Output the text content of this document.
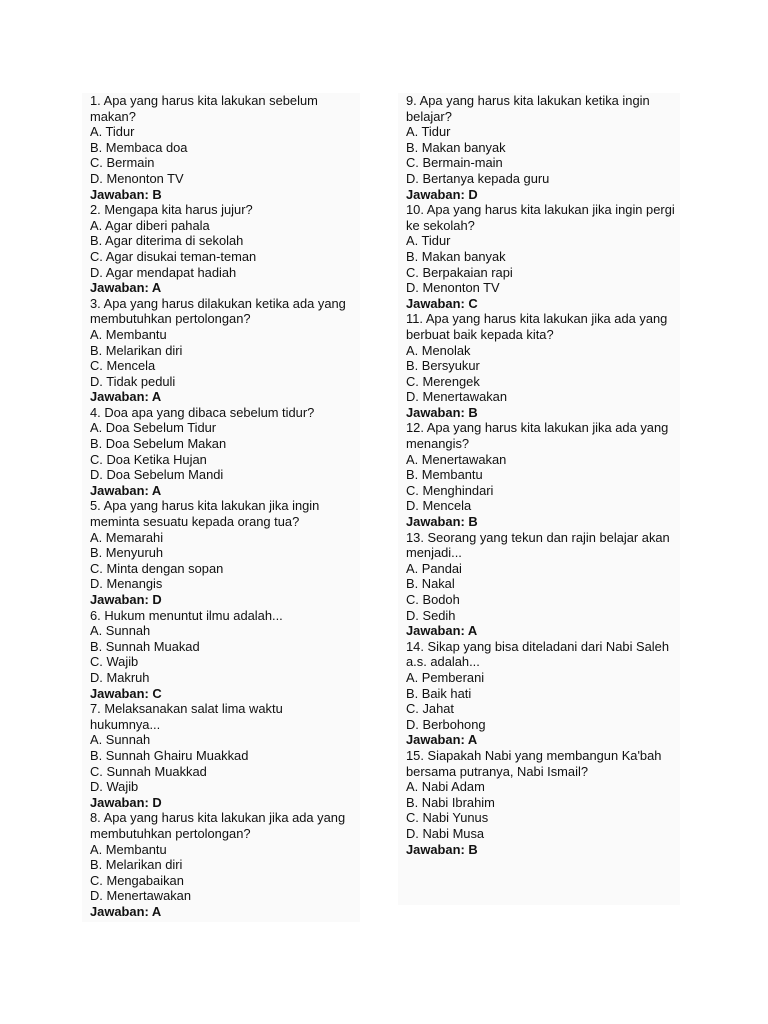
1. Apa yang harus kita lakukan sebelum makan?
A. Tidur
B. Membaca doa
C. Bermain
D. Menonton TV
Jawaban: B
2. Mengapa kita harus jujur?
A. Agar diberi pahala
B. Agar diterima di sekolah
C. Agar disukai teman-teman
D. Agar mendapat hadiah
Jawaban: A
3. Apa yang harus dilakukan ketika ada yang membutuhkan pertolongan?
A. Membantu
B. Melarikan diri
C. Mencela
D. Tidak peduli
Jawaban: A
4. Doa apa yang dibaca sebelum tidur?
A. Doa Sebelum Tidur
B. Doa Sebelum Makan
C. Doa Ketika Hujan
D. Doa Sebelum Mandi
Jawaban: A
5. Apa yang harus kita lakukan jika ingin meminta sesuatu kepada orang tua?
A. Memarahi
B. Menyuruh
C. Minta dengan sopan
D. Menangis
Jawaban: D
6. Hukum menuntut ilmu adalah...
A. Sunnah
B. Sunnah Muakad
C. Wajib
D. Makruh
Jawaban: C
7. Melaksanakan salat lima waktu hukumnya...
A. Sunnah
B. Sunnah Ghairu Muakkad
C. Sunnah Muakkad
D. Wajib
Jawaban: D
8. Apa yang harus kita lakukan jika ada yang membutuhkan pertolongan?
A. Membantu
B. Melarikan diri
C. Mengabaikan
D. Menertawakan
Jawaban: A
9. Apa yang harus kita lakukan ketika ingin belajar?
A. Tidur
B. Makan banyak
C. Bermain-main
D. Bertanya kepada guru
Jawaban: D
10. Apa yang harus kita lakukan jika ingin pergi ke sekolah?
A. Tidur
B. Makan banyak
C. Berpakaian rapi
D. Menonton TV
Jawaban: C
11. Apa yang harus kita lakukan jika ada yang berbuat baik kepada kita?
A. Menolak
B. Bersyukur
C. Merengek
D. Menertawakan
Jawaban: B
12. Apa yang harus kita lakukan jika ada yang menangis?
A. Menertawakan
B. Membantu
C. Menghindari
D. Mencela
Jawaban: B
13. Seorang yang tekun dan rajin belajar akan menjadi...
A. Pandai
B. Nakal
C. Bodoh
D. Sedih
Jawaban: A
14. Sikap yang bisa diteladani dari Nabi Saleh a.s. adalah...
A. Pemberani
B. Baik hati
C. Jahat
D. Berbohong
Jawaban: A
15. Siapakah Nabi yang membangun Ka'bah bersama putranya, Nabi Ismail?
A. Nabi Adam
B. Nabi Ibrahim
C. Nabi Yunus
D. Nabi Musa
Jawaban: B
